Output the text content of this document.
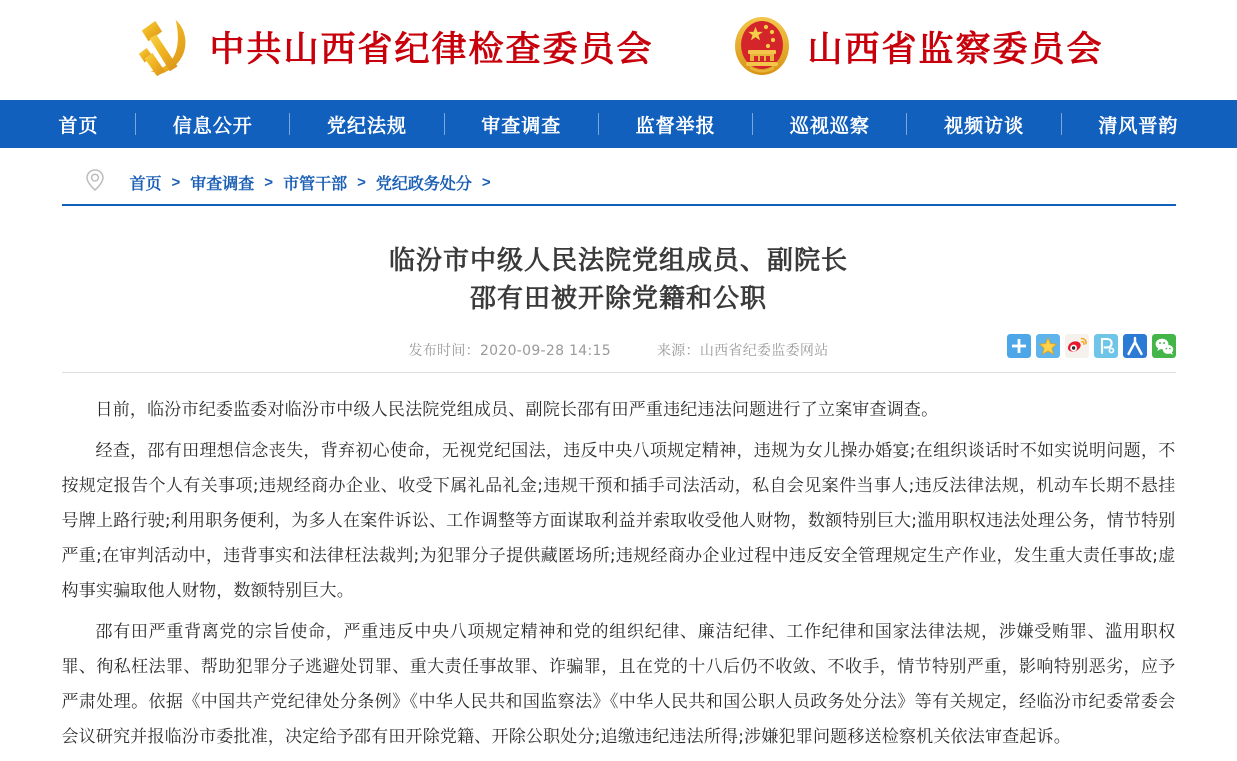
中共山西省纪律检查委员会	山西省监察委员会
首页	信息公开	党纪法规	审查调查	监督举报	巡视巡察	视频访谈	清风晋韵
首页 > 审查调查 > 市管干部 > 党纪政务处分 >
临汾市中级人民法院党组成员、副院长
邵有田被开除党籍和公职
发布时间：2020-09-28 14:15	来源：山西省纪委监委网站

日前，临汾市纪委监委对临汾市中级人民法院党组成员、副院长邵有田严重违纪违法问题进行了立案审查调查。

经查，邵有田理想信念丧失，背弃初心使命，无视党纪国法，违反中央八项规定精神，违规为女儿操办婚宴;在组织谈话时不如实说明问题，不按规定报告个人有关事项;违规经商办企业、收受下属礼品礼金;违规干预和插手司法活动，私自会见案件当事人;违反法律法规，机动车长期不悬挂号牌上路行驶;利用职务便利，为多人在案件诉讼、工作调整等方面谋取利益并索取收受他人财物，数额特别巨大;滥用职权违法处理公务，情节特别严重;在审判活动中，违背事实和法律枉法裁判;为犯罪分子提供藏匿场所;违规经商办企业过程中违反安全管理规定生产作业，发生重大责任事故;虚构事实骗取他人财物，数额特别巨大。

邵有田严重背离党的宗旨使命，严重违反中央八项规定精神和党的组织纪律、廉洁纪律、工作纪律和国家法律法规，涉嫌受贿罪、滥用职权罪、徇私枉法罪、帮助犯罪分子逃避处罚罪、重大责任事故罪、诈骗罪，且在党的十八后仍不收敛、不收手，情节特别严重，影响特别恶劣，应予严肃处理。依据《中国共产党纪律处分条例》《中华人民共和国监察法》《中华人民共和国公职人员政务处分法》等有关规定，经临汾市纪委常委会会议研究并报临汾市委批准，决定给予邵有田开除党籍、开除公职处分;追缴违纪违法所得;涉嫌犯罪问题移送检察机关依法审查起诉。
